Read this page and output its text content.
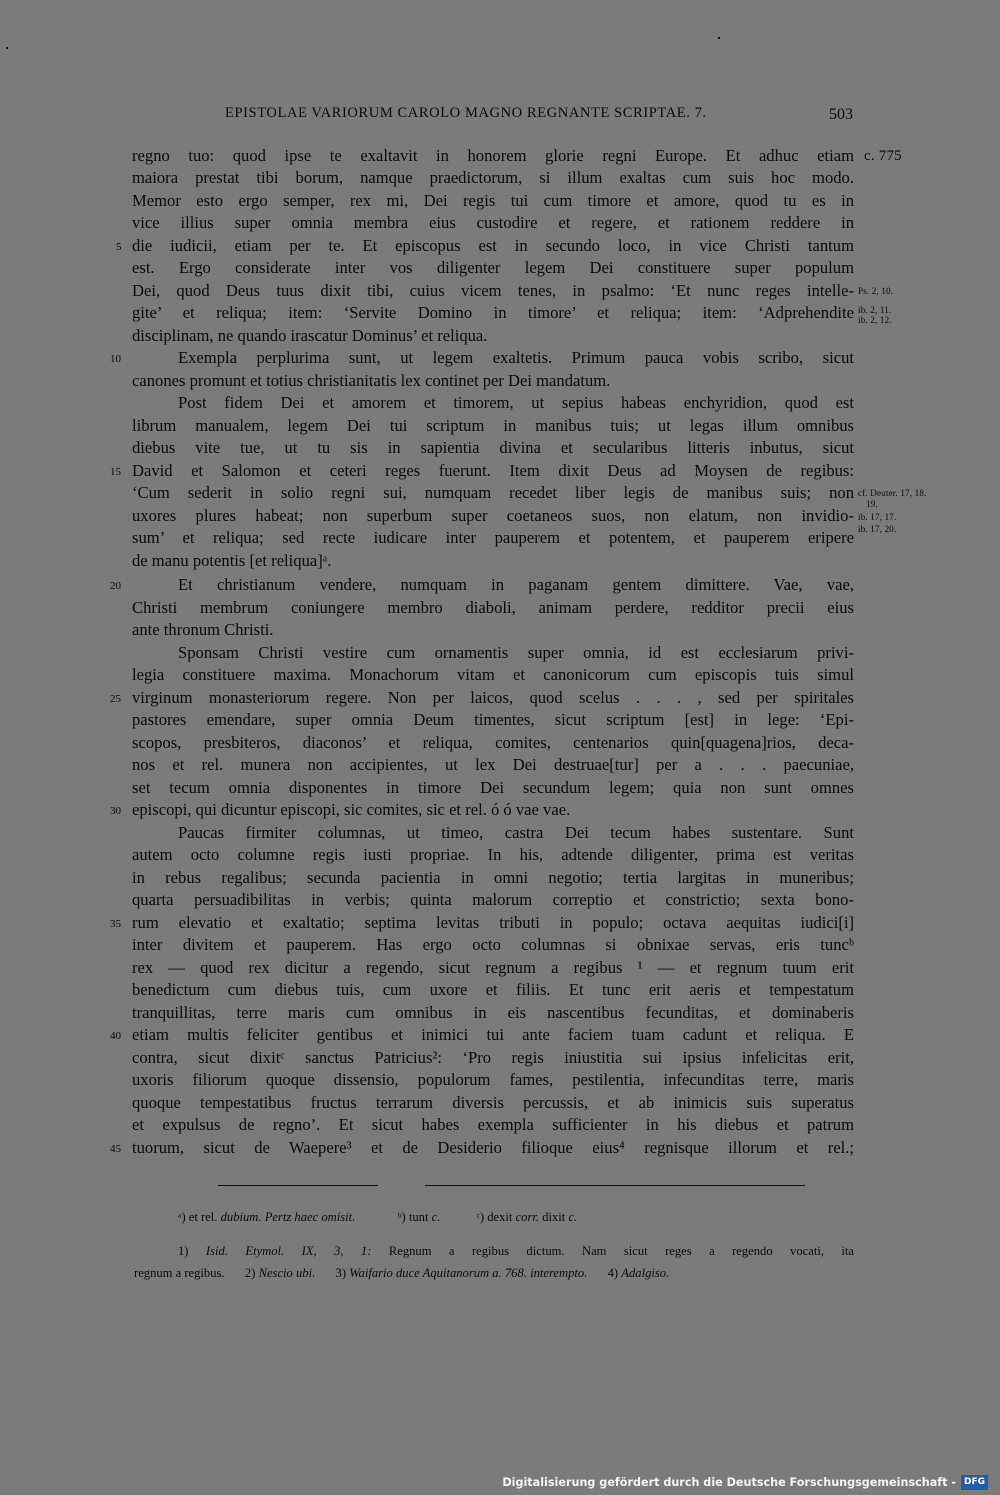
EPISTOLAE VARIORUM CAROLO MAGNO REGNANTE SCRIPTAE. 7.	503
regno tuo: quod ipse te exaltavit in honorem glorie regni Europe. Et adhuc etiam
maiora prestat tibi borum, namque praedictorum, si illum exaltas cum suis hoc modo.
Memor esto ergo semper, rex mi, Dei regis tui cum timore et amore, quod tu es in
vice illius super omnia membra eius custodire et regere, et rationem reddere in
die iudicii, etiam per te. Et episcopus est in secundo loco, in vice Christi tantum
est. Ergo considerate inter vos diligenter legem Dei constituere super populum
Dei, quod Deus tuus dixit tibi, cuius vicem tenes, in psalmo: ‘Et nunc reges intelle-
gite’ et reliqua; item: ‘Servite Domino in timore’ et reliqua; item: ‘Adprehendite
disciplinam, ne quando irascatur Dominus’ et reliqua.
Exempla perplurima sunt, ut legem exaltetis. Primum pauca vobis scribo, sicut
canones promunt et totius christianitatis lex continet per Dei mandatum.
Post fidem Dei et amorem et timorem, ut sepius habeas enchyridion, quod est
librum manualem, legem Dei tui scriptum in manibus tuis; ut legas illum omnibus
diebus vite tue, ut tu sis in sapientia divina et secularibus litteris inbutus, sicut
David et Salomon et ceteri reges fuerunt. Item dixit Deus ad Moysen de regibus:
‘Cum sederit in solio regni sui, numquam recedet liber legis de manibus suis; non
uxores plures habeat; non superbum super coetaneos suos, non elatum, non invidio-
sum’ et reliqua; sed recte iudicare inter pauperem et potentem, et pauperem eripere
de manu potentis [et reliqua]ᵃ.
Et christianum vendere, numquam in paganam gentem dimittere. Vae, vae,
Christi membrum coniungere membro diaboli, animam perdere, redditor precii eius
ante thronum Christi.
Sponsam Christi vestire cum ornamentis super omnia, id est ecclesiarum privi-
legia constituere maxima. Monachorum vitam et canonicorum cum episcopis tuis simul
virginum monasteriorum regere. Non per laicos, quod scelus . . . , sed per spiritales
pastores emendare, super omnia Deum timentes, sicut scriptum [est] in lege: ‘Epi-
scopos, presbiteros, diaconos’ et reliqua, comites, centenarios quin[quagena]rios, deca-
nos et rel. munera non accipientes, ut lex Dei destruae[tur] per a . . . paecuniae,
set tecum omnia disponentes in timore Dei secundum legem; quia non sunt omnes
episcopi, qui dicuntur episcopi, sic comites, sic et rel. ó ó vae vae.
Paucas firmiter columnas, ut timeo, castra Dei tecum habes sustentare. Sunt
autem octo columne regis iusti propriae. In his, adtende diligenter, prima est veritas
in rebus regalibus; secunda pacientia in omni negotio; tertia largitas in muneribus;
quarta persuadibilitas in verbis; quinta malorum correptio et constrictio; sexta bono-
rum elevatio et exaltatio; septima levitas tributi in populo; octava aequitas iudici[i]
inter divitem et pauperem. Has ergo octo columnas si obnixae servas, eris tuncᵇ
rex — quod rex dicitur a regendo, sicut regnum a regibus ¹ — et regnum tuum erit
benedictum cum diebus tuis, cum uxore et filiis. Et tunc erit aeris et tempestatum
tranquillitas, terre maris cum omnibus in eis nascentibus fecunditas, et dominaberis
etiam multis feliciter gentibus et inimici tui ante faciem tuam cadunt et reliqua. E
contra, sicut dixitᶜ sanctus Patricius²: ‘Pro regis iniustitia sui ipsius infelicitas erit,
uxoris filiorum quoque dissensio, populorum fames, pestilentia, infecunditas terre, maris
quoque tempestatibus fructus terrarum diversis percussis, et ab inimicis suis superatus
et expulsus de regno’. Et sicut habes exempla sufficienter in his diebus et patrum
tuorum, sicut de Waepere³ et de Desiderio filioque eius⁴ regnisque illorum et rel.;
5
10
15
20
25
30
35
40
45
c. 775
Ps. 2, 10.
ib. 2, 11.
ib. 2, 12.
cf. Deuter. 17, 18.
19.
ib. 17, 17.
ib. 17, 20.
ᵃ) et rel. dubium. Pertz haec omisit.	ᵇ) tunt c.	ᶜ) dexit corr. dixit c.
1) Isid. Etymol. IX, 3, 1: Regnum a regibus dictum. Nam sicut reges a regendo vocati, ita
regnum a regibus. 2) Nescio ubi. 3) Waifario duce Aquitanorum a. 768. interempto. 4) Adalgiso.
Digitalisierung gefördert durch die Deutsche Forschungsgemeinschaft - DFG
